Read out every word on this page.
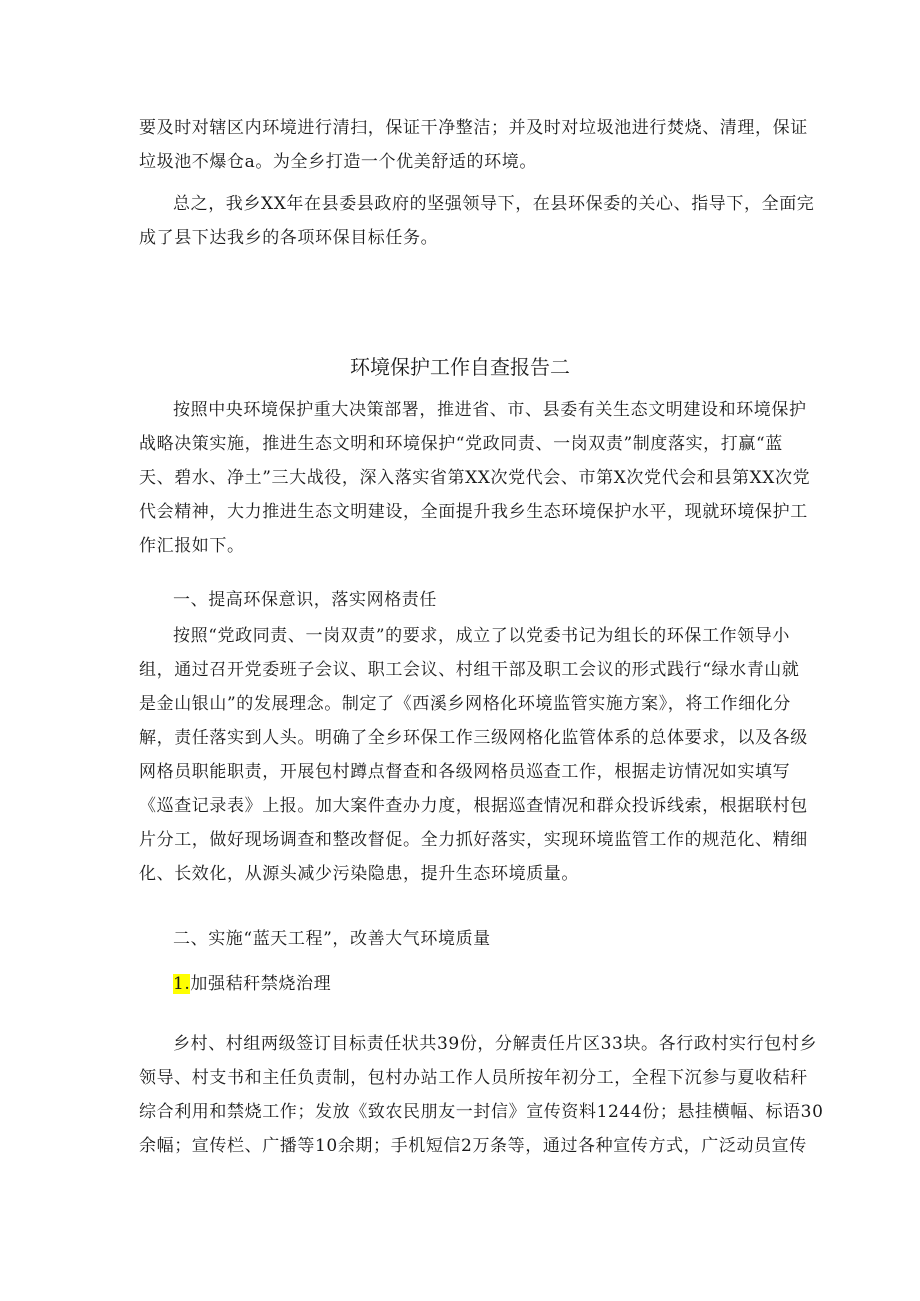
要及时对辖区内环境进行清扫，保证干净整洁；并及时对垃圾池进行焚烧、清理，保证
垃圾池不爆仓a。为全乡打造一个优美舒适的环境。
总之，我乡XX年在县委县政府的坚强领导下，在县环保委的关心、指导下，全面完
成了县下达我乡的各项环保目标任务。
环境保护工作自查报告二
按照中央环境保护重大决策部署，推进省、市、县委有关生态文明建设和环境保护
战略决策实施，推进生态文明和环境保护“党政同责、一岗双责”制度落实，打赢“蓝
天、碧水、净土”三大战役，深入落实省第XX次党代会、市第X次党代会和县第XX次党
代会精神，大力推进生态文明建设，全面提升我乡生态环境保护水平，现就环境保护工
作汇报如下。
一、提高环保意识，落实网格责任
按照“党政同责、一岗双责”的要求，成立了以党委书记为组长的环保工作领导小
组，通过召开党委班子会议、职工会议、村组干部及职工会议的形式践行“绿水青山就
是金山银山”的发展理念。制定了《西溪乡网格化环境监管实施方案》，将工作细化分
解，责任落实到人头。明确了全乡环保工作三级网格化监管体系的总体要求，以及各级
网格员职能职责，开展包村蹲点督查和各级网格员巡查工作，根据走访情况如实填写
《巡查记录表》上报。加大案件查办力度，根据巡查情况和群众投诉线索，根据联村包
片分工，做好现场调查和整改督促。全力抓好落实，实现环境监管工作的规范化、精细
化、长效化，从源头减少污染隐患，提升生态环境质量。
二、实施“蓝天工程”，改善大气环境质量
1.加强秸秆禁烧治理
乡村、村组两级签订目标责任状共39份，分解责任片区33块。各行政村实行包村乡
领导、村支书和主任负责制，包村办站工作人员所按年初分工，全程下沉参与夏收秸秆
综合利用和禁烧工作；发放《致农民朋友一封信》宣传资料1244份；悬挂横幅、标语30
余幅；宣传栏、广播等10余期；手机短信2万条等，通过各种宣传方式，广泛动员宣传
